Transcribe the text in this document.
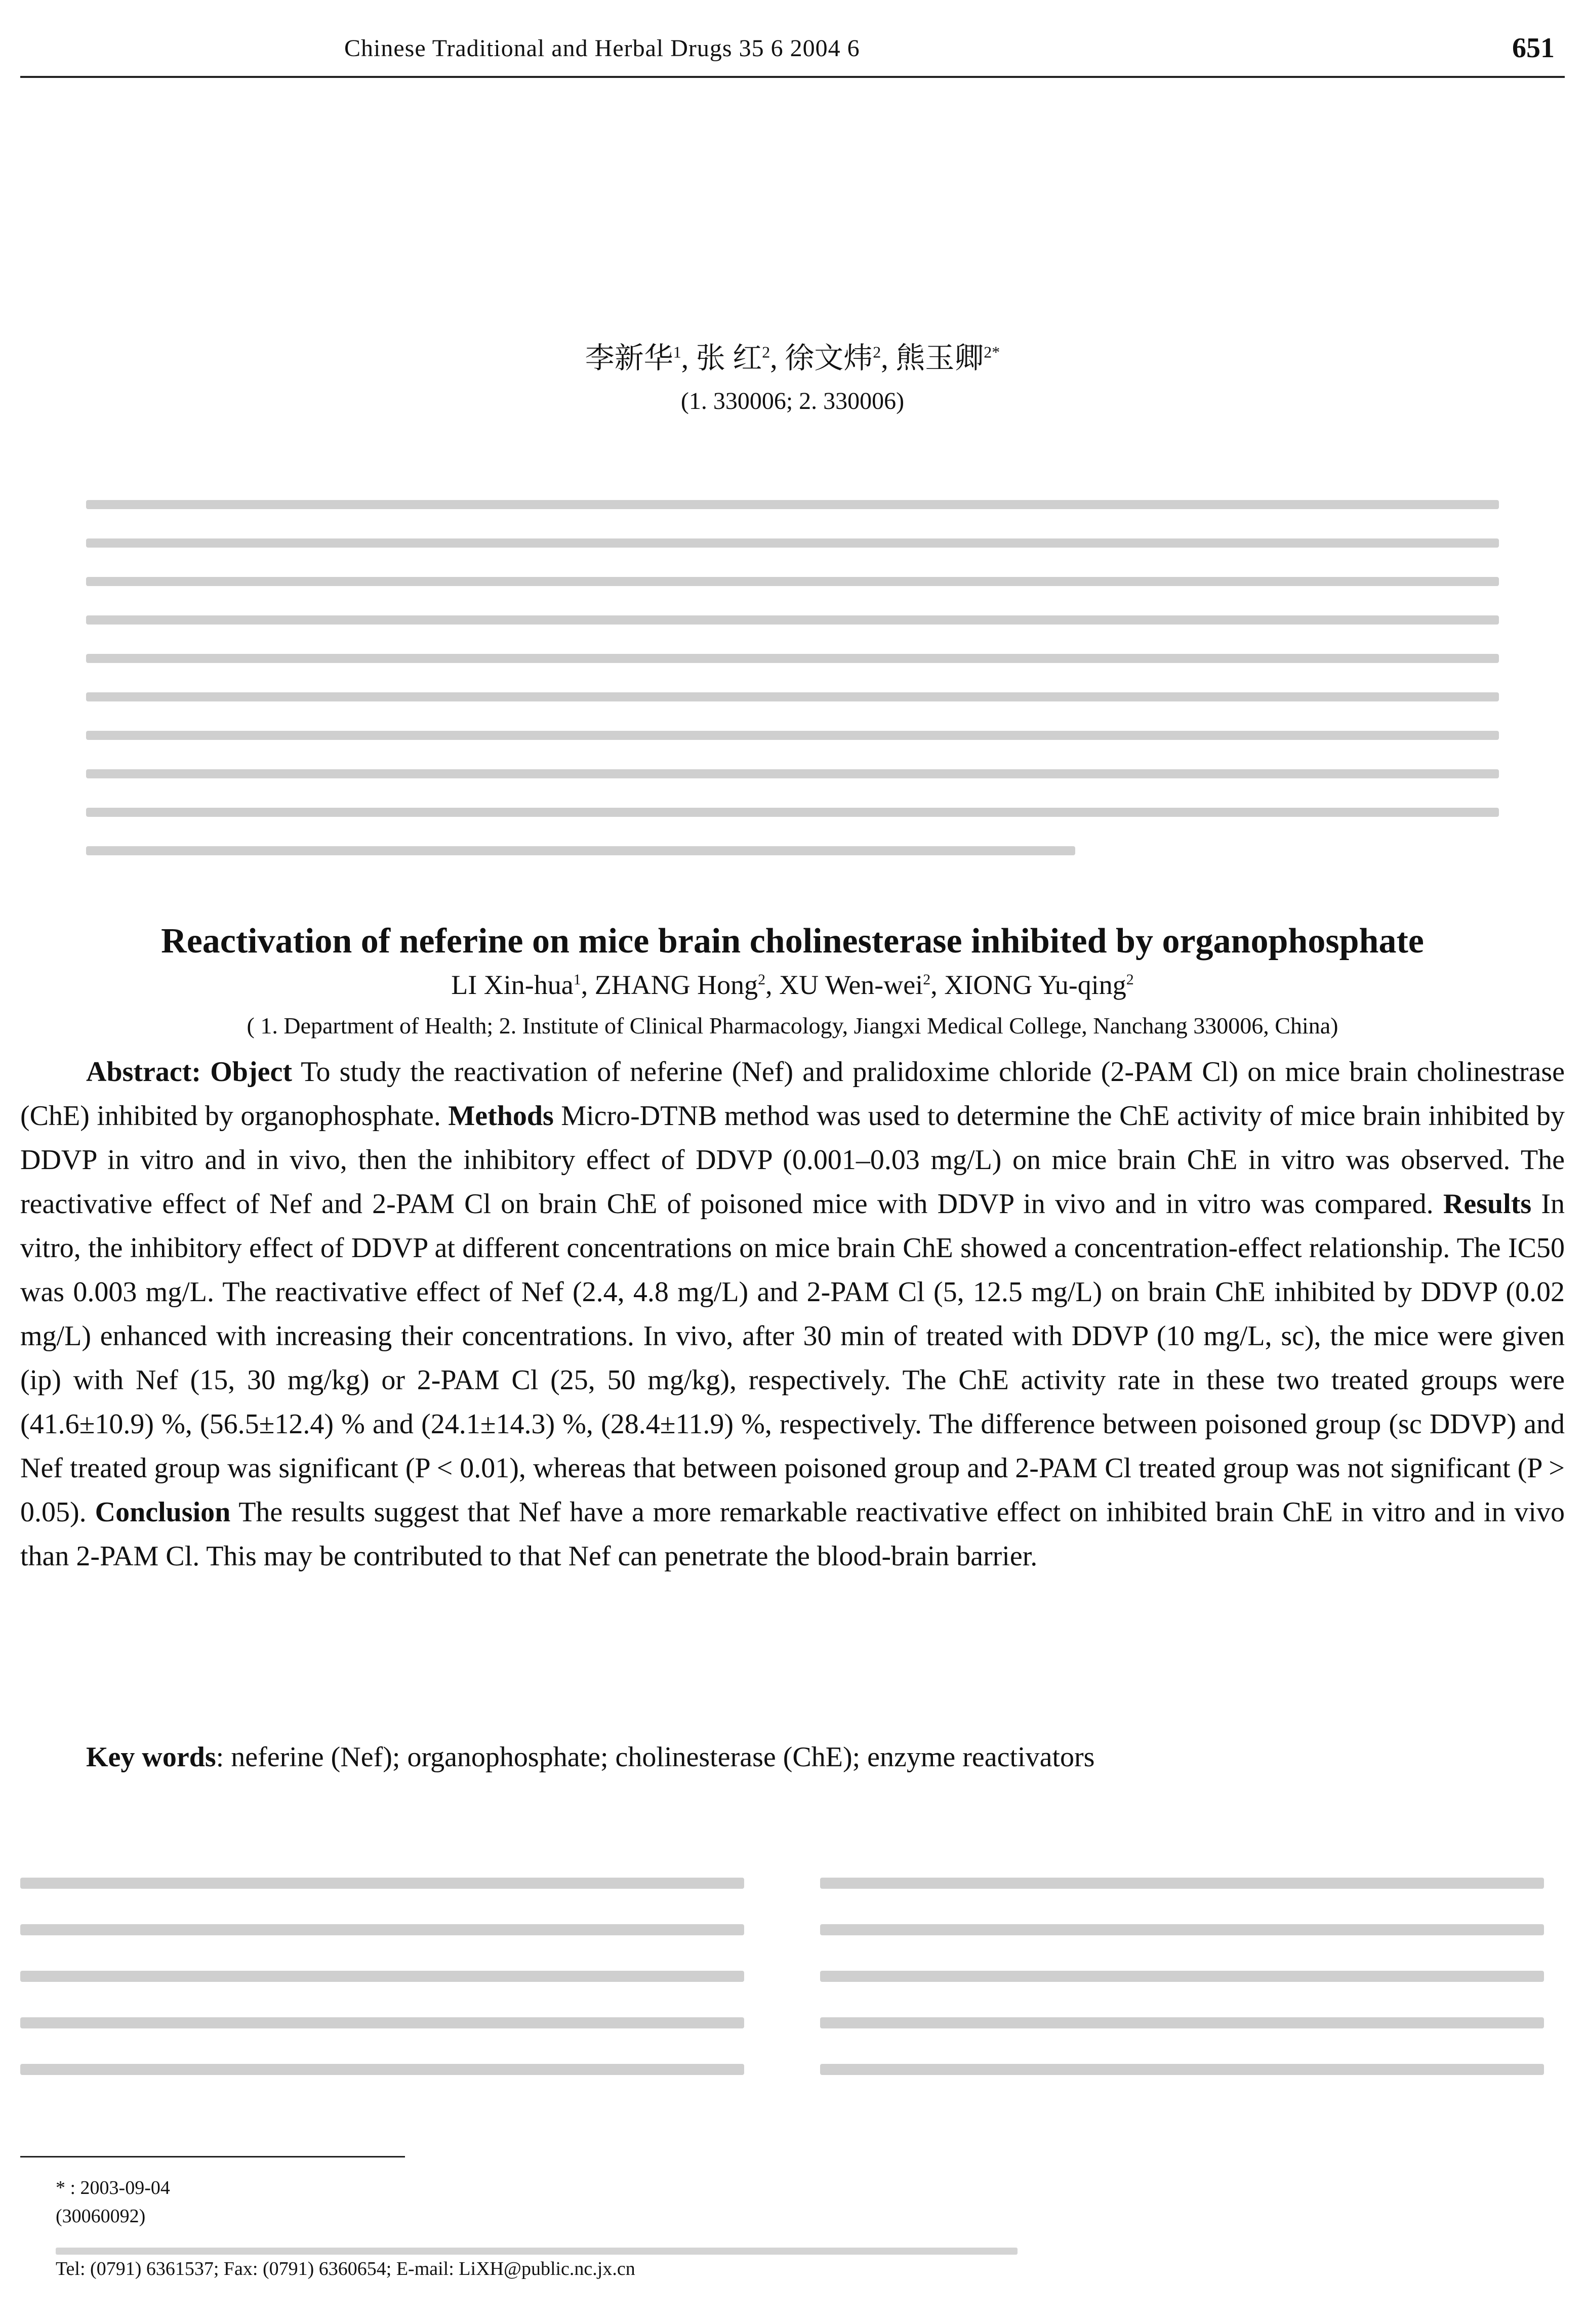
Chinese Traditional and Herbal Drugs 35 6 2004 6	651
李新华$^1$, 张 红$^2$, 徐文炜$^2$, 熊玉卿$^{2*}$
(1. 330006; 2. 330006)
Reactivation of neferine on mice brain cholinesterase inhibited by organophosphate
LI Xin-hua$^1$, ZHANG Hong$^2$, XU Wen-wei$^2$, XIONG Yu-qing$^2$
( 1. Department of Health; 2. Institute of Clinical Pharmacology, Jiangxi Medical College, Nanchang 330006, China)
Abstract: Object To study the reactivation of neferine (Nef) and pralidoxime chloride (2-PAM Cl) on mice brain cholinestrase (ChE) inhibited by organophosphate. Methods Micro-DTNB method was used to determine the ChE activity of mice brain inhibited by DDVP in vitro and in vivo, then the inhibitory effect of DDVP (0.001–0.03 mg/L) on mice brain ChE in vitro was observed. The reactivative effect of Nef and 2-PAM Cl on brain ChE of poisoned mice with DDVP in vivo and in vitro was compared. Results In vitro, the inhibitory effect of DDVP at different concentrations on mice brain ChE showed a concentration-effect relationship. The IC50 was 0.003 mg/L. The reactivative effect of Nef (2.4, 4.8 mg/L) and 2-PAM Cl (5, 12.5 mg/L) on brain ChE inhibited by DDVP (0.02 mg/L) enhanced with increasing their concentrations. In vivo, after 30 min of treated with DDVP (10 mg/L, sc), the mice were given (ip) with Nef (15, 30 mg/kg) or 2-PAM Cl (25, 50 mg/kg), respectively. The ChE activity rate in these two treated groups were (41.6±10.9) %, (56.5±12.4) % and (24.1±14.3) %, (28.4±11.9) %, respectively. The difference between poisoned group (sc DDVP) and Nef treated group was significant (P < 0.01), whereas that between poisoned group and 2-PAM Cl treated group was not significant (P > 0.05). Conclusion The results suggest that Nef have a more remarkable reactivative effect on inhibited brain ChE in vitro and in vivo than 2-PAM Cl. This may be contributed to that Nef can penetrate the blood-brain barrier.
Key words: neferine (Nef); organophosphate; cholinesterase (ChE); enzyme reactivators
* : 2003-09-04
(30060092)
Tel: (0791) 6361537; Fax: (0791) 6360654; E-mail: LiXH@public.nc.jx.cn
